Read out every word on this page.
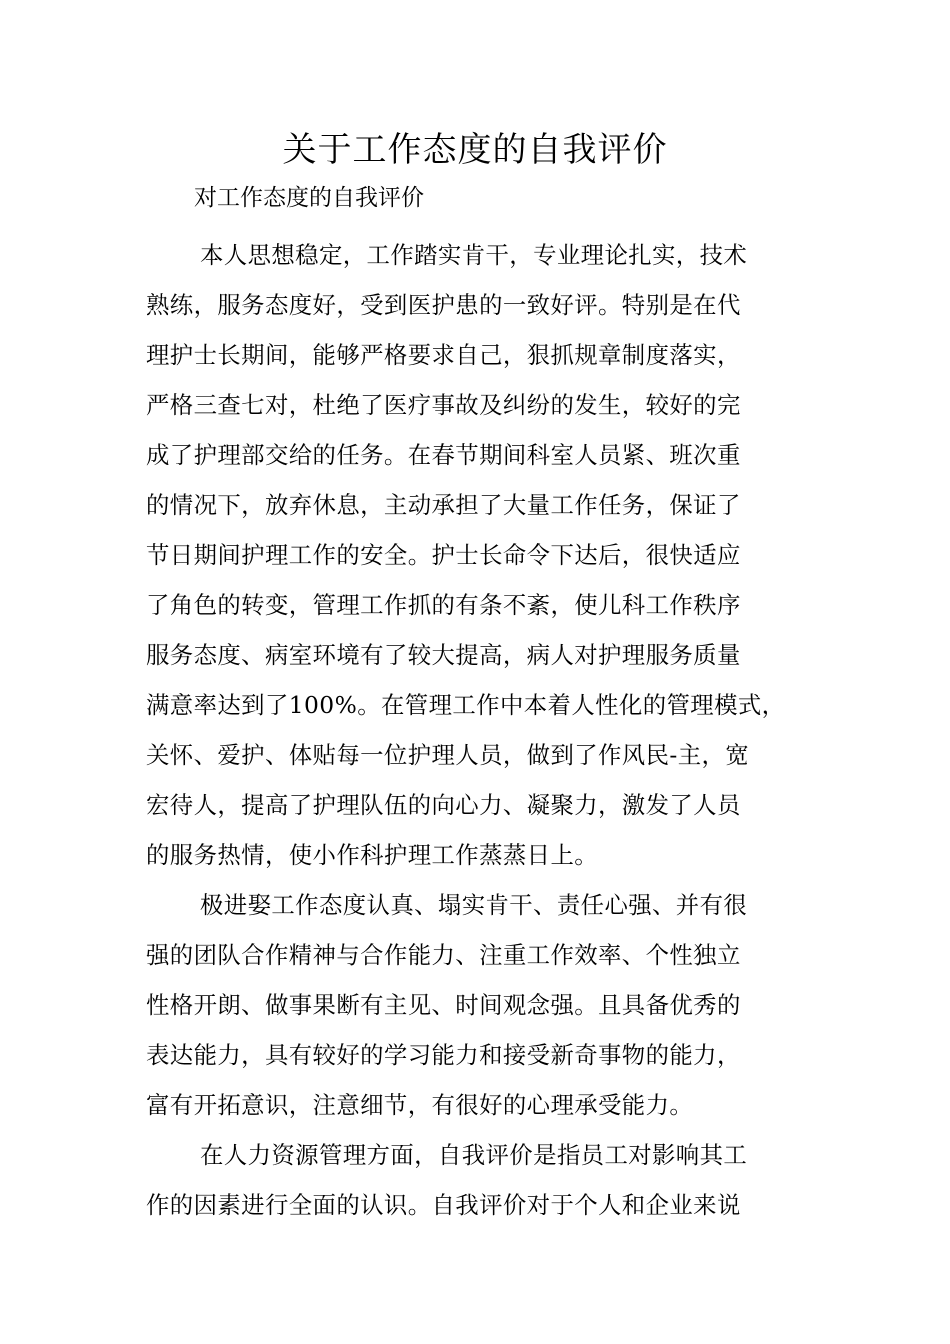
关于工作态度的自我评价

对工作态度的自我评价

本人思想稳定，工作踏实肯干，专业理论扎实，技术

熟练，服务态度好，受到医护患的一致好评。特别是在代

理护士长期间，能够严格要求自己，狠抓规章制度落实，

严格三查七对，杜绝了医疗事故及纠纷的发生，较好的完

成了护理部交给的任务。在春节期间科室人员紧、班次重

的情况下，放弃休息，主动承担了大量工作任务，保证了

节日期间护理工作的安全。护士长命令下达后，很快适应

了角色的转变，管理工作抓的有条不紊，使儿科工作秩序

服务态度、病室环境有了较大提高，病人对护理服务质量

满意率达到了100%。在管理工作中本着人性化的管理模式，

关怀、爱护、体贴每一位护理人员，做到了作风民-主，宽

宏待人，提高了护理队伍的向心力、凝聚力，激发了人员

的服务热情，使小作科护理工作蒸蒸日上。

极进娶工作态度认真、塌实肯干、责任心强、并有很

强的团队合作精神与合作能力、注重工作效率、个性独立

性格开朗、做事果断有主见、时间观念强。且具备优秀的

表达能力，具有较好的学习能力和接受新奇事物的能力，

富有开拓意识，注意细节，有很好的心理承受能力。

在人力资源管理方面，自我评价是指员工对影响其工

作的因素进行全面的认识。自我评价对于个人和企业来说
